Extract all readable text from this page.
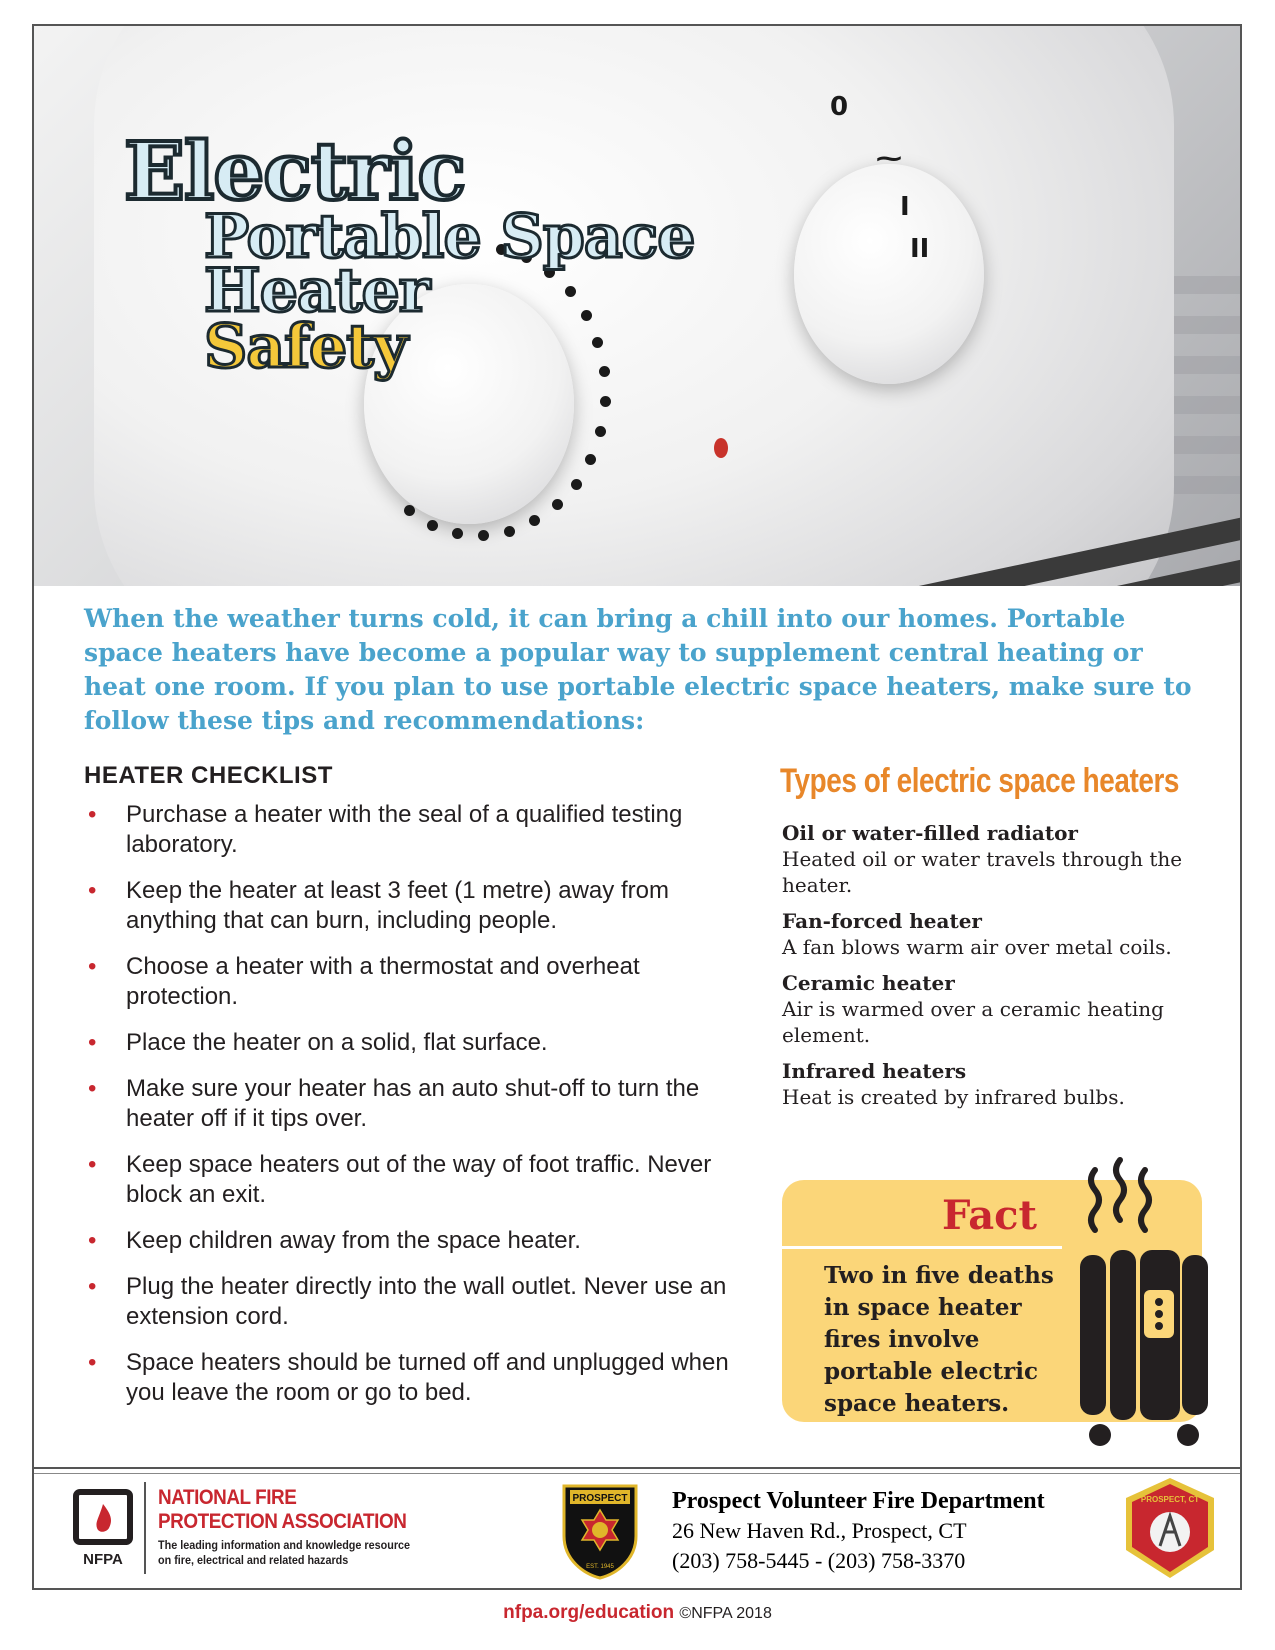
0
⁓
I
II
Electric
Portable Space
Heater
Safety
When the weather turns cold, it can bring a chill into our homes. Portable space heaters have become a popular way to supplement central heating or heat one room. If you plan to use portable electric space heaters, make sure to follow these tips and recommendations:
HEATER CHECKLIST
• Purchase a heater with the seal of a qualified testing laboratory.
• Keep the heater at least 3 feet (1 metre) away from anything that can burn, including people.
• Choose a heater with a thermostat and overheat protection.
• Place the heater on a solid, flat surface.
• Make sure your heater has an auto shut-off to turn the heater off if it tips over.
• Keep space heaters out of the way of foot traffic. Never block an exit.
• Keep children away from the space heater.
• Plug the heater directly into the wall outlet. Never use an extension cord.
• Space heaters should be turned off and unplugged when you leave the room or go to bed.
Types of electric space heaters
Oil or water-filled radiator
Heated oil or water travels through the heater.
Fan-forced heater
A fan blows warm air over metal coils.
Ceramic heater
Air is warmed over a ceramic heating element.
Infrared heaters
Heat is created by infrared bulbs.
Fact
Two in five deaths in space heater fires involve portable electric space heaters.
NFPA
NATIONAL FIRE
PROTECTION ASSOCIATION
The leading information and knowledge resource
on fire, electrical and related hazards
PROSPECT
EST. 1945
Prospect Volunteer Fire Department
26 New Haven Rd., Prospect, CT
(203) 758-5445 - (203) 758-3370
PROSPECT, CT
nfpa.org/education ©NFPA 2018
